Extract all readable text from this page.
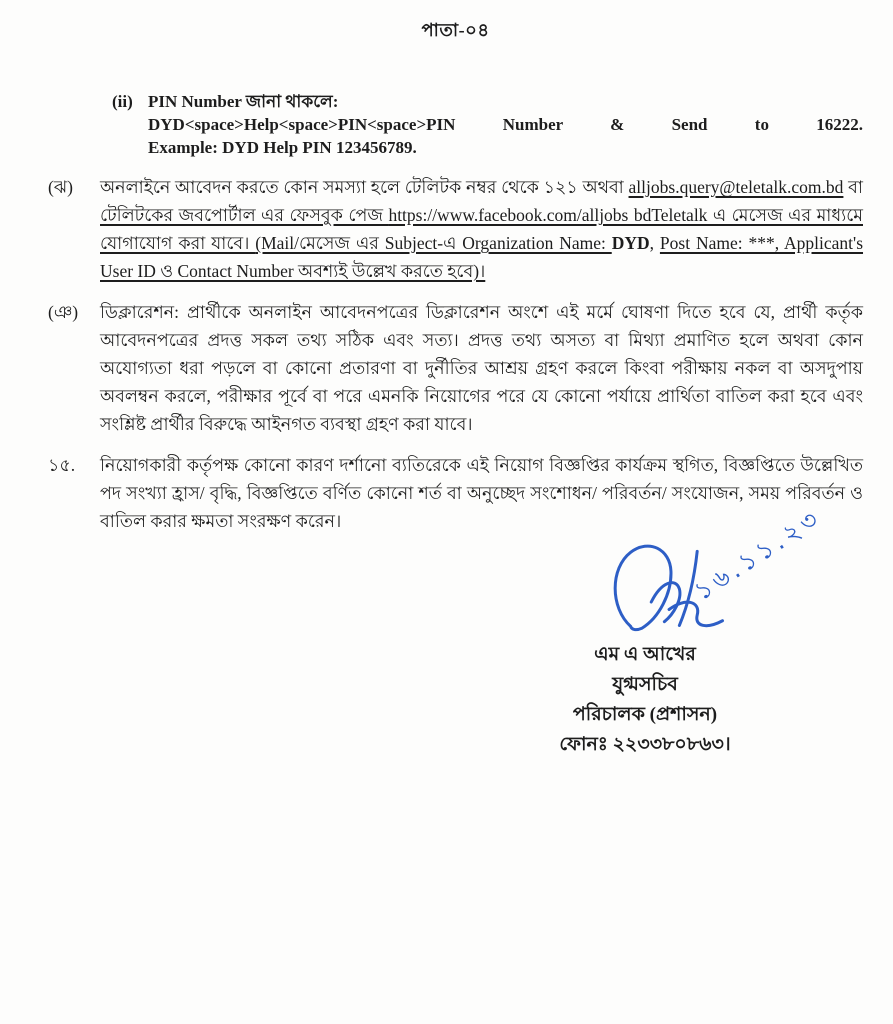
পাতা-০৪
(ii) PIN Number জানা থাকলে:
DYD<space>Help<space>PIN<space>PIN Number & Send to 16222.
Example: DYD Help PIN 123456789.
(ঝ)	অনলাইনে আবেদন করতে কোন সমস্যা হলে টেলিটক নম্বর থেকে ১২১ অথবা alljobs.query@teletalk.com.bd বা টেলিটকের জবপোর্টাল এর ফেসবুক পেজ https://www.facebook.com/alljobs bdTeletalk এ মেসেজ এর মাধ্যমে যোগাযোগ করা যাবে। (Mail/মেসেজ এর Subject-এ Organization Name: DYD, Post Name: ***, Applicant's User ID ও Contact Number অবশ্যই উল্লেখ করতে হবে)।
(ঞ)	ডিক্লারেশন: প্রার্থীকে অনলাইন আবেদনপত্রের ডিক্লারেশন অংশে এই মর্মে ঘোষণা দিতে হবে যে, প্রার্থী কর্তৃক আবেদনপত্রের প্রদত্ত সকল তথ্য সঠিক এবং সত্য। প্রদত্ত তথ্য অসত্য বা মিথ্যা প্রমাণিত হলে অথবা কোন অযোগ্যতা ধরা পড়লে বা কোনো প্রতারণা বা দুর্নীতির আশ্রয় গ্রহণ করলে কিংবা পরীক্ষায় নকল বা অসদুপায় অবলম্বন করলে, পরীক্ষার পূর্বে বা পরে এমনকি নিয়োগের পরে যে কোনো পর্যায়ে প্রার্থিতা বাতিল করা হবে এবং সংশ্লিষ্ট প্রার্থীর বিরুদ্ধে আইনগত ব্যবস্থা গ্রহণ করা যাবে।
১৫.	নিয়োগকারী কর্তৃপক্ষ কোনো কারণ দর্শানো ব্যতিরেকে এই নিয়োগ বিজ্ঞপ্তির কার্যক্রম স্থগিত, বিজ্ঞপ্তিতে উল্লেখিত পদ সংখ্যা হ্রাস/ বৃদ্ধি, বিজ্ঞপ্তিতে বর্ণিত কোনো শর্ত বা অনুচ্ছেদ সংশোধন/ পরিবর্তন/ সংযোজন, সময় পরিবর্তন ও বাতিল করার ক্ষমতা সংরক্ষণ করেন।	১৬.১১.২৩
এম এ আখের
যুগ্মসচিব
পরিচালক (প্রশাসন)
ফোনঃ ২২৩৩৮০৮৬৩।
